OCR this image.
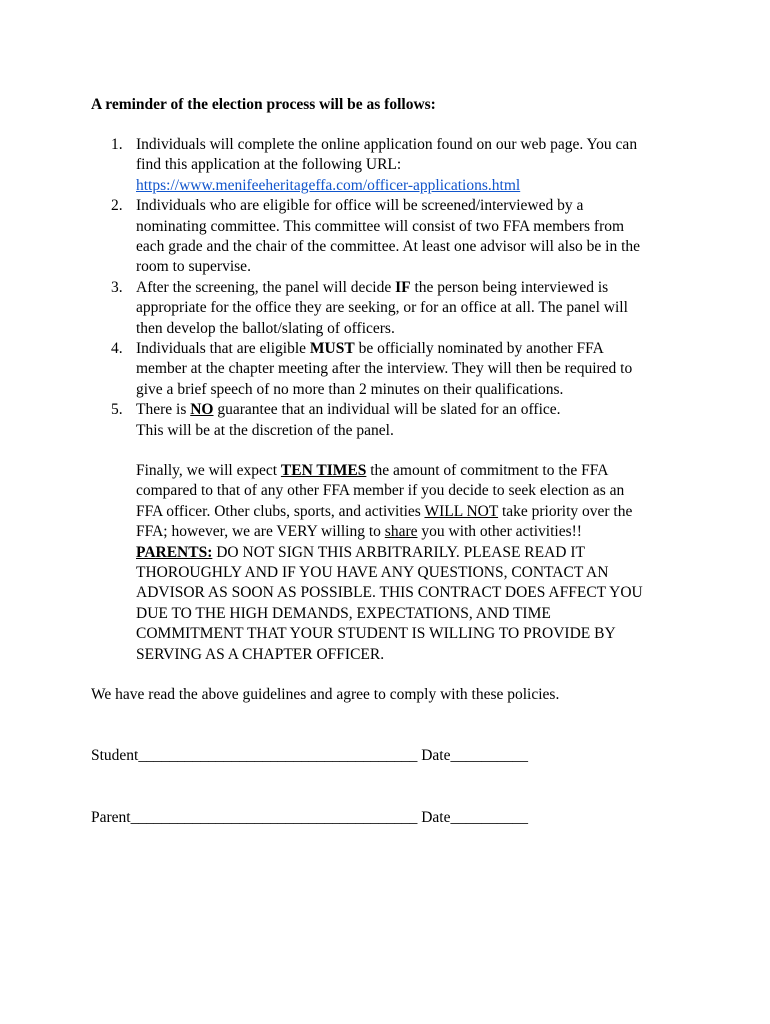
A reminder of the election process will be as follows:
1. Individuals will complete the online application found on our web page. You can
find this application at the following URL:
https://www.menifeeheritageffa.com/officer-applications.html
2. Individuals who are eligible for office will be screened/interviewed by a
nominating committee. This committee will consist of two FFA members from
each grade and the chair of the committee. At least one advisor will also be in the
room to supervise.
3. After the screening, the panel will decide IF the person being interviewed is
appropriate for the office they are seeking, or for an office at all. The panel will
then develop the ballot/slating of officers.
4. Individuals that are eligible MUST be officially nominated by another FFA
member at the chapter meeting after the interview. They will then be required to
give a brief speech of no more than 2 minutes on their qualifications.
5. There is NO guarantee that an individual will be slated for an office.
This will be at the discretion of the panel.
Finally, we will expect TEN TIMES the amount of commitment to the FFA
compared to that of any other FFA member if you decide to seek election as an
FFA officer. Other clubs, sports, and activities WILL NOT take priority over the
FFA; however, we are VERY willing to share you with other activities!!
PARENTS: DO NOT SIGN THIS ARBITRARILY. PLEASE READ IT
THOROUGHLY AND IF YOU HAVE ANY QUESTIONS, CONTACT AN
ADVISOR AS SOON AS POSSIBLE. THIS CONTRACT DOES AFFECT YOU
DUE TO THE HIGH DEMANDS, EXPECTATIONS, AND TIME
COMMITMENT THAT YOUR STUDENT IS WILLING TO PROVIDE BY
SERVING AS A CHAPTER OFFICER.
We have read the above guidelines and agree to comply with these policies.
Student____________________________________ Date__________
Parent_____________________________________ Date__________
